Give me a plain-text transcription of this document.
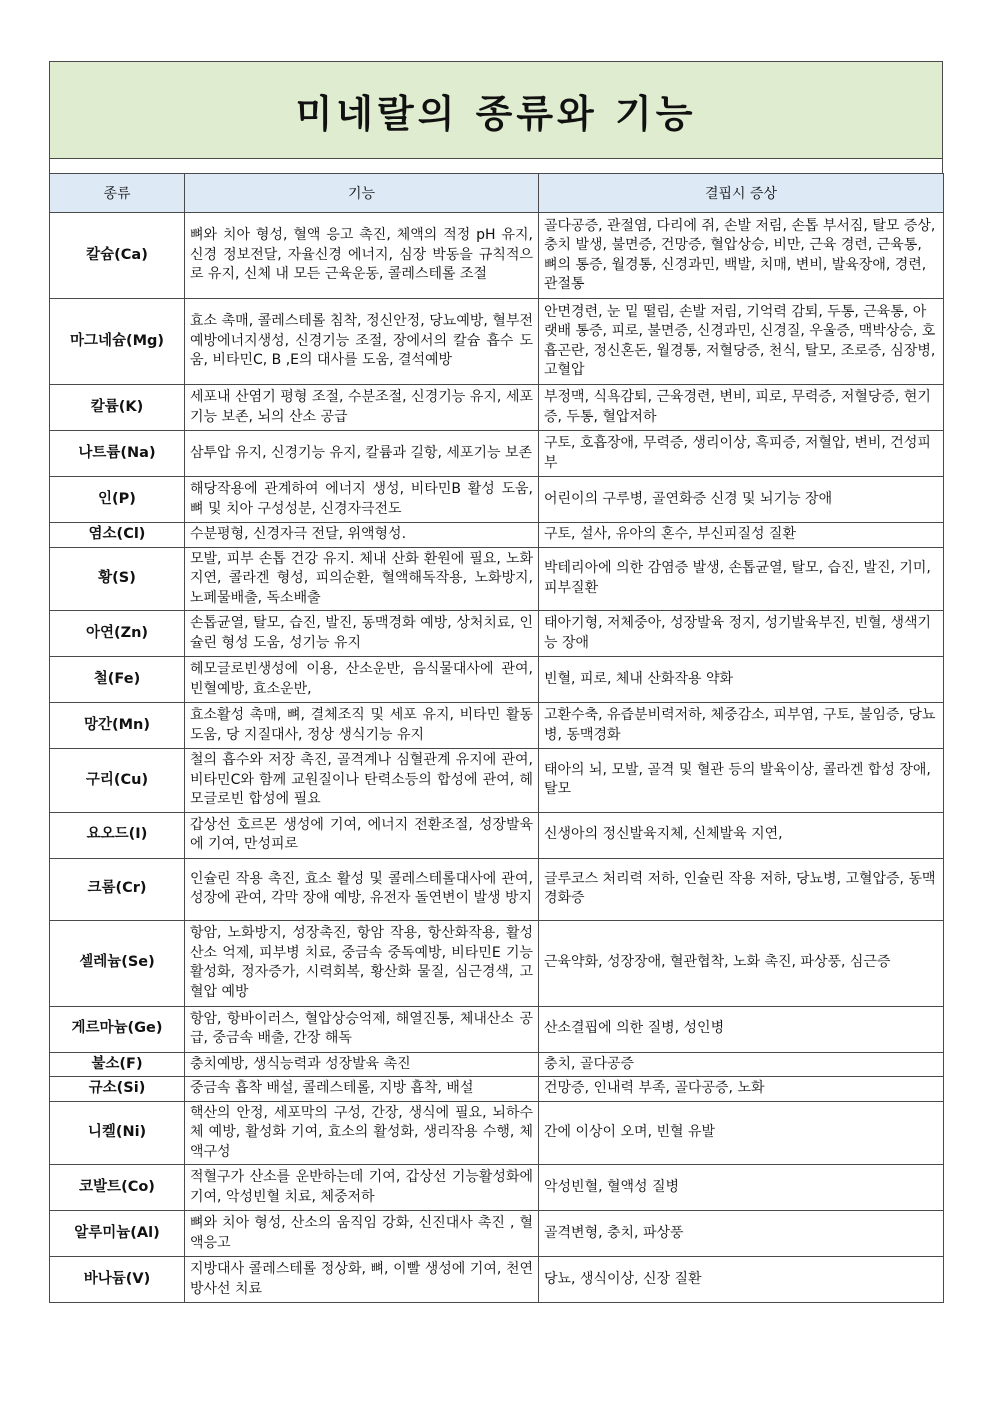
미네랄의 종류와 기능
종류	기능	결핍시 증상
칼슘(Ca)	뼈와 치아 형성, 혈액 응고 촉진, 체액의 적정 pH 유지, 신경 정보전달, 자율신경 에너지, 심장 박동을 규칙적으로 유지, 신체 내 모든 근육운동, 콜레스테롤 조절	골다공증, 관절염, 다리에 쥐, 손발 저림, 손톱 부서짐, 탈모 증상, 충치 발생, 불면증, 건망증, 혈압상승, 비만, 근육 경련, 근육통, 뼈의 통증, 월경통, 신경과민, 백발, 치매, 변비, 발육장애, 경련, 관절통
마그네슘(Mg)	효소 촉매, 콜레스테롤 침착, 정신안정, 당뇨예방, 혈부전 예방에너지생성, 신경기능 조절, 장에서의 칼슘 흡수 도움, 비타민C, B ,E의 대사를 도움, 결석예방	안면경련, 눈 밑 떨림, 손발 저림, 기억력 감퇴, 두통, 근육통, 아랫배 통증, 피로, 불면증, 신경과민, 신경질, 우울증, 맥박상승, 호흡곤란, 정신혼돈, 월경통, 저혈당증, 천식, 탈모, 조로증, 심장병, 고혈압
칼륨(K)	세포내 산염기 평형 조절, 수분조절, 신경기능 유지, 세포기능 보존, 뇌의 산소 공급	부정맥, 식욕감퇴, 근육경련, 변비, 피로, 무력증, 저혈당증, 현기증, 두통, 혈압저하
나트륨(Na)	삼투압 유지, 신경기능 유지, 칼륨과 길항, 세포기능 보존	구토, 호흡장애, 무력증, 생리이상, 흑피증, 저혈압, 변비, 건성피부
인(P)	해당작용에 관계하여 에너지 생성, 비타민B 활성 도움, 뼈 및 치아 구성성분, 신경자극전도	어린이의 구루병, 골연화증 신경 및 뇌기능 장애
염소(Cl)	수분평형, 신경자극 전달, 위액형성.	구토, 설사, 유아의 혼수, 부신피질성 질환
황(S)	모발, 피부 손톱 건강 유지. 체내 산화 환원에 필요, 노화지연, 콜라겐 형성, 피의순환, 혈액해독작용, 노화방지, 노페물배출, 독소배출	박테리아에 의한 감염증 발생, 손톱균열, 탈모, 습진, 발진, 기미, 피부질환
아연(Zn)	손톱균열, 탈모, 습진, 발진, 동맥경화 예방, 상처치료, 인슐린 형성 도움, 성기능 유지	태아기형, 저체중아, 성장발육 정지, 성기발육부진, 빈혈, 생색기능 장애
철(Fe)	헤모글로빈생성에 이용, 산소운반, 음식물대사에 관여, 빈혈예방, 효소운반,	빈혈, 피로, 체내 산화작용 약화
망간(Mn)	효소활성 촉매, 뼈, 결체조직 및 세포 유지, 비타민 활동 도움, 당 지질대사, 정상 생식기능 유지	고환수축, 유즙분비력저하, 체중감소, 피부염, 구토, 불임증, 당뇨병, 동맥경화
구리(Cu)	철의 흡수와 저장 촉진, 골격계나 심혈관계 유지에 관여, 비타민C와 함께 교원질이나 탄력소등의 합성에 관여, 헤모글로빈 합성에 필요	태아의 뇌, 모발, 골격 및 혈관 등의 발육이상, 콜라겐 합성 장애, 탈모
요오드(I)	갑상선 호르몬 생성에 기여, 에너지 전환조절, 성장발육에 기여, 만성피로	신생아의 정신발육지체, 신체발육 지연,
크롬(Cr)	인슐린 작용 촉진, 효소 활성 및 콜레스테롤대사에 관여, 성장에 관여, 각막 장애 예방, 유전자 돌연변이 발생 방지	글루코스 처리력 저하, 인슐린 작용 저하, 당뇨병, 고혈압증, 동맥경화증
셀레늄(Se)	항암, 노화방지, 성장촉진, 항암 작용, 항산화작용, 활성산소 억제, 피부병 치료, 중금속 중독예방, 비타민E 기능활성화, 정자증가, 시력회복, 황산화 물질, 심근경색, 고혈압 예방	근육약화, 성장장애, 혈관협착, 노화 촉진, 파상풍, 심근증
게르마늄(Ge)	항암, 항바이러스, 혈압상승억제, 해열진통, 체내산소 공급, 중금속 배출, 간장 해독	산소결핍에 의한 질병, 성인병
불소(F)	충치예방, 생식능력과 성장발육 촉진	충치, 골다공증
규소(Si)	중금속 흡착 배설, 콜레스테롤, 지방 흡착, 배설	건망증, 인내력 부족, 골다공증, 노화
니켈(Ni)	핵산의 안정, 세포막의 구성, 간장, 생식에 필요, 뇌하수체 예방, 활성화 기여, 효소의 활성화, 생리작용 수행, 체액구성	간에 이상이 오며, 빈혈 유발
코발트(Co)	적혈구가 산소를 운반하는데 기여, 갑상선 기능활성화에 기여, 악성빈혈 치료, 체중저하	악성빈혈, 혈액성 질병
알루미늄(Al)	뼈와 치아 형성, 산소의 움직임 강화, 신진대사 촉진 , 혈액응고	골격변형, 충치, 파상풍
바나듐(V)	지방대사 콜레스테롤 정상화, 뼈, 이빨 생성에 기여, 천연방사선 치료	당뇨, 생식이상, 신장 질환
